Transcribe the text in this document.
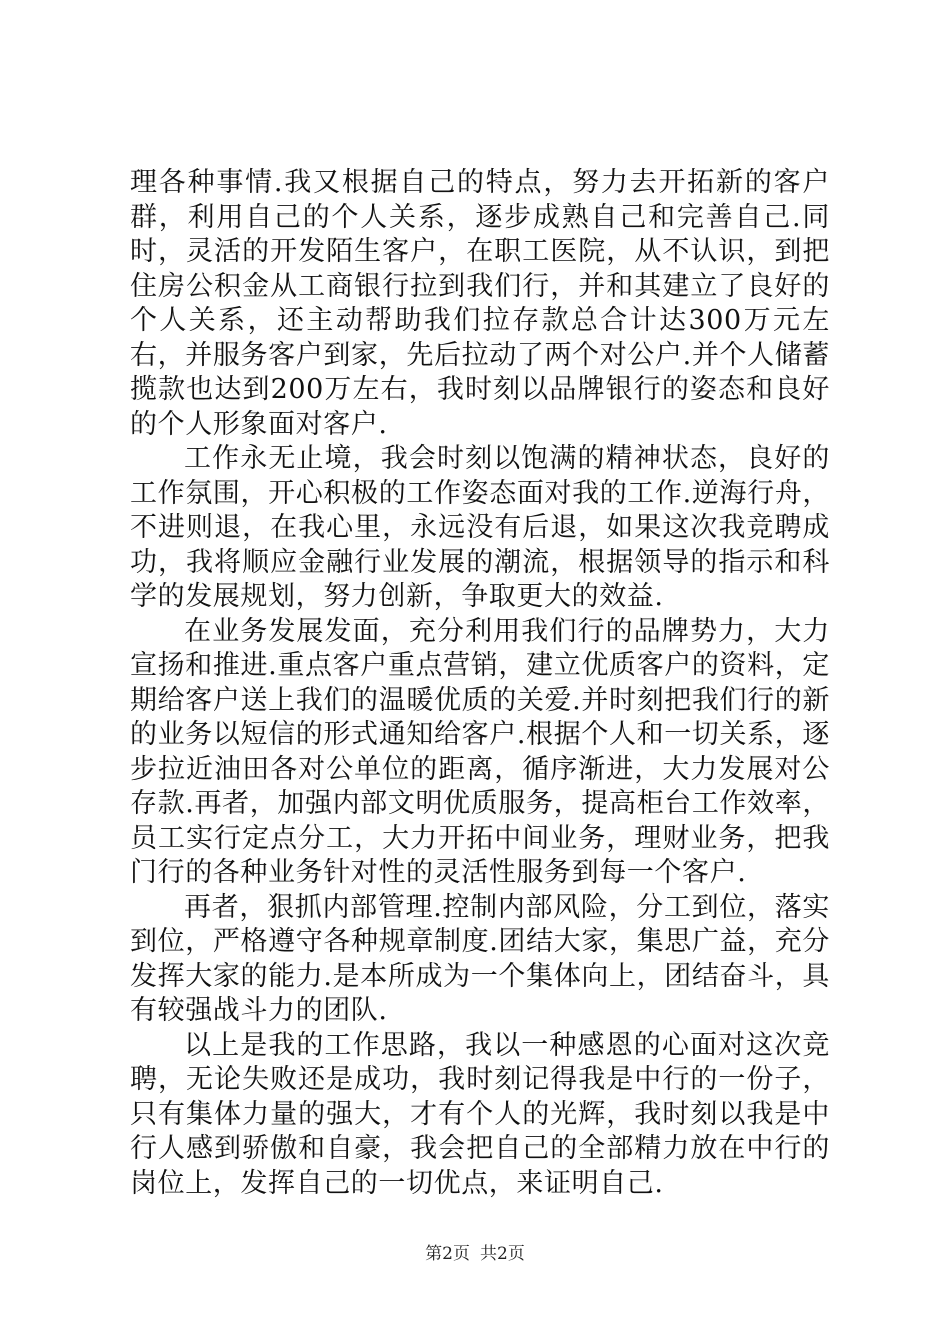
理各种事情.我又根据自己的特点，努力去开拓新的客户群，利用自己的个人关系，逐步成熟自己和完善自己.同时，灵活的开发陌生客户，在职工医院，从不认识，到把住房公积金从工商银行拉到我们行，并和其建立了良好的个人关系，还主动帮助我们拉存款总合计达300万元左右，并服务客户到家，先后拉动了两个对公户.并个人储蓄揽款也达到200万左右，我时刻以品牌银行的姿态和良好的个人形象面对客户.

工作永无止境，我会时刻以饱满的精神状态，良好的工作氛围，开心积极的工作姿态面对我的工作.逆海行舟，不进则退，在我心里，永远没有后退，如果这次我竞聘成功，我将顺应金融行业发展的潮流，根据领导的指示和科学的发展规划，努力创新，争取更大的效益.

在业务发展发面，充分利用我们行的品牌势力，大力宣扬和推进.重点客户重点营销，建立优质客户的资料，定期给客户送上我们的温暖优质的关爱.并时刻把我们行的新的业务以短信的形式通知给客户.根据个人和一切关系，逐步拉近油田各对公单位的距离，循序渐进，大力发展对公存款.再者，加强内部文明优质服务，提高柜台工作效率，员工实行定点分工，大力开拓中间业务，理财业务，把我门行的各种业务针对性的灵活性服务到每一个客户.

再者，狠抓内部管理.控制内部风险，分工到位，落实到位，严格遵守各种规章制度.团结大家，集思广益，充分发挥大家的能力.是本所成为一个集体向上，团结奋斗，具有较强战斗力的团队.

以上是我的工作思路，我以一种感恩的心面对这次竞聘，无论失败还是成功，我时刻记得我是中行的一份子，只有集体力量的强大，才有个人的光辉，我时刻以我是中行人感到骄傲和自豪，我会把自己的全部精力放在中行的岗位上，发挥自己的一切优点，来证明自己.

第2页 共2页
